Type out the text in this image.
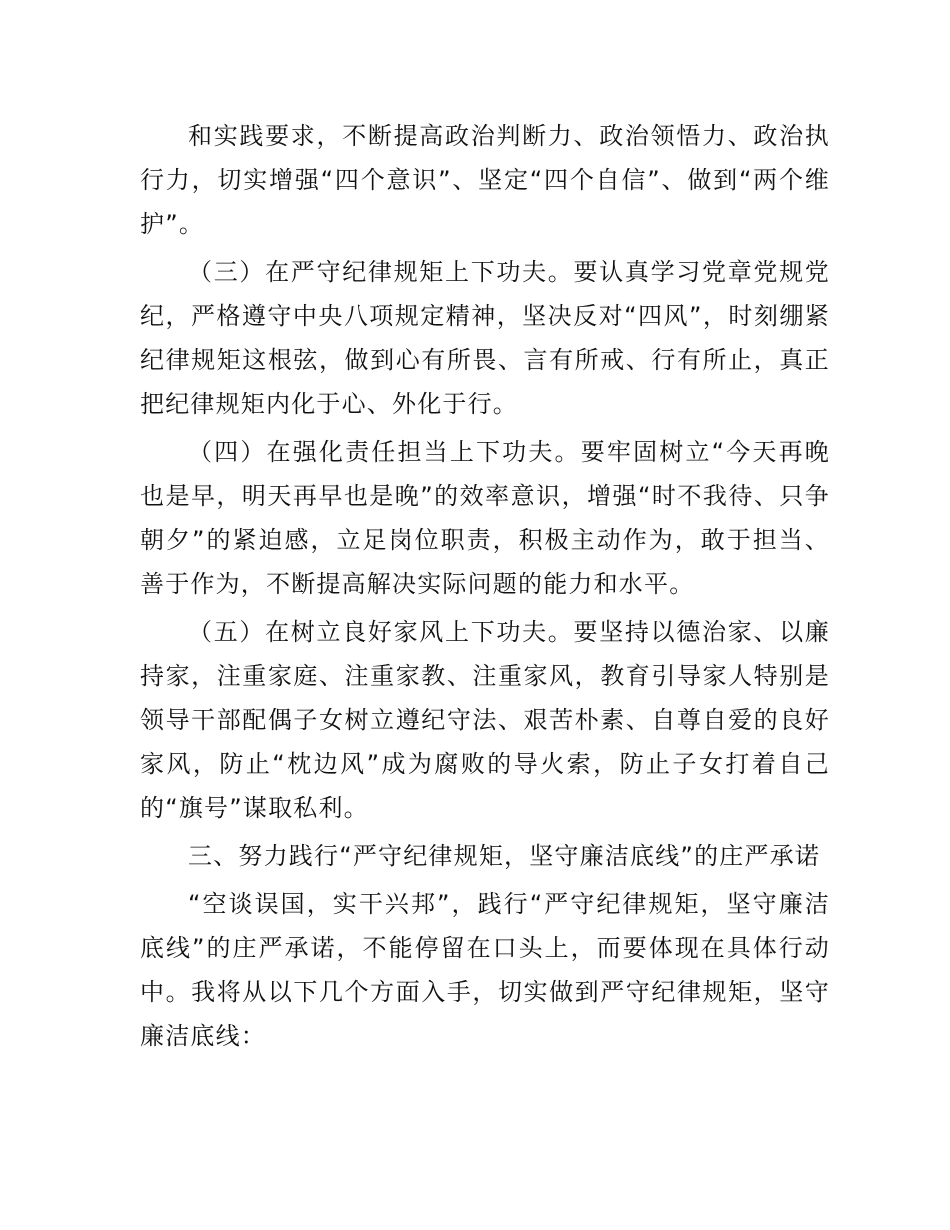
和实践要求，不断提高政治判断力、政治领悟力、政治执行力，切实增强“四个意识”、坚定“四个自信”、做到“两个维护”。

（三）在严守纪律规矩上下功夫。要认真学习党章党规党纪，严格遵守中央八项规定精神，坚决反对“四风”，时刻绷紧纪律规矩这根弦，做到心有所畏、言有所戒、行有所止，真正把纪律规矩内化于心、外化于行。

（四）在强化责任担当上下功夫。要牢固树立“今天再晚也是早，明天再早也是晚”的效率意识，增强“时不我待、只争朝夕”的紧迫感，立足岗位职责，积极主动作为，敢于担当、善于作为，不断提高解决实际问题的能力和水平。

（五）在树立良好家风上下功夫。要坚持以德治家、以廉持家，注重家庭、注重家教、注重家风，教育引导家人特别是领导干部配偶子女树立遵纪守法、艰苦朴素、自尊自爱的良好家风，防止“枕边风”成为腐败的导火索，防止子女打着自己的“旗号”谋取私利。

三、努力践行“严守纪律规矩，坚守廉洁底线”的庄严承诺

“空谈误国，实干兴邦”，践行“严守纪律规矩，坚守廉洁底线”的庄严承诺，不能停留在口头上，而要体现在具体行动中。我将从以下几个方面入手，切实做到严守纪律规矩，坚守廉洁底线：
